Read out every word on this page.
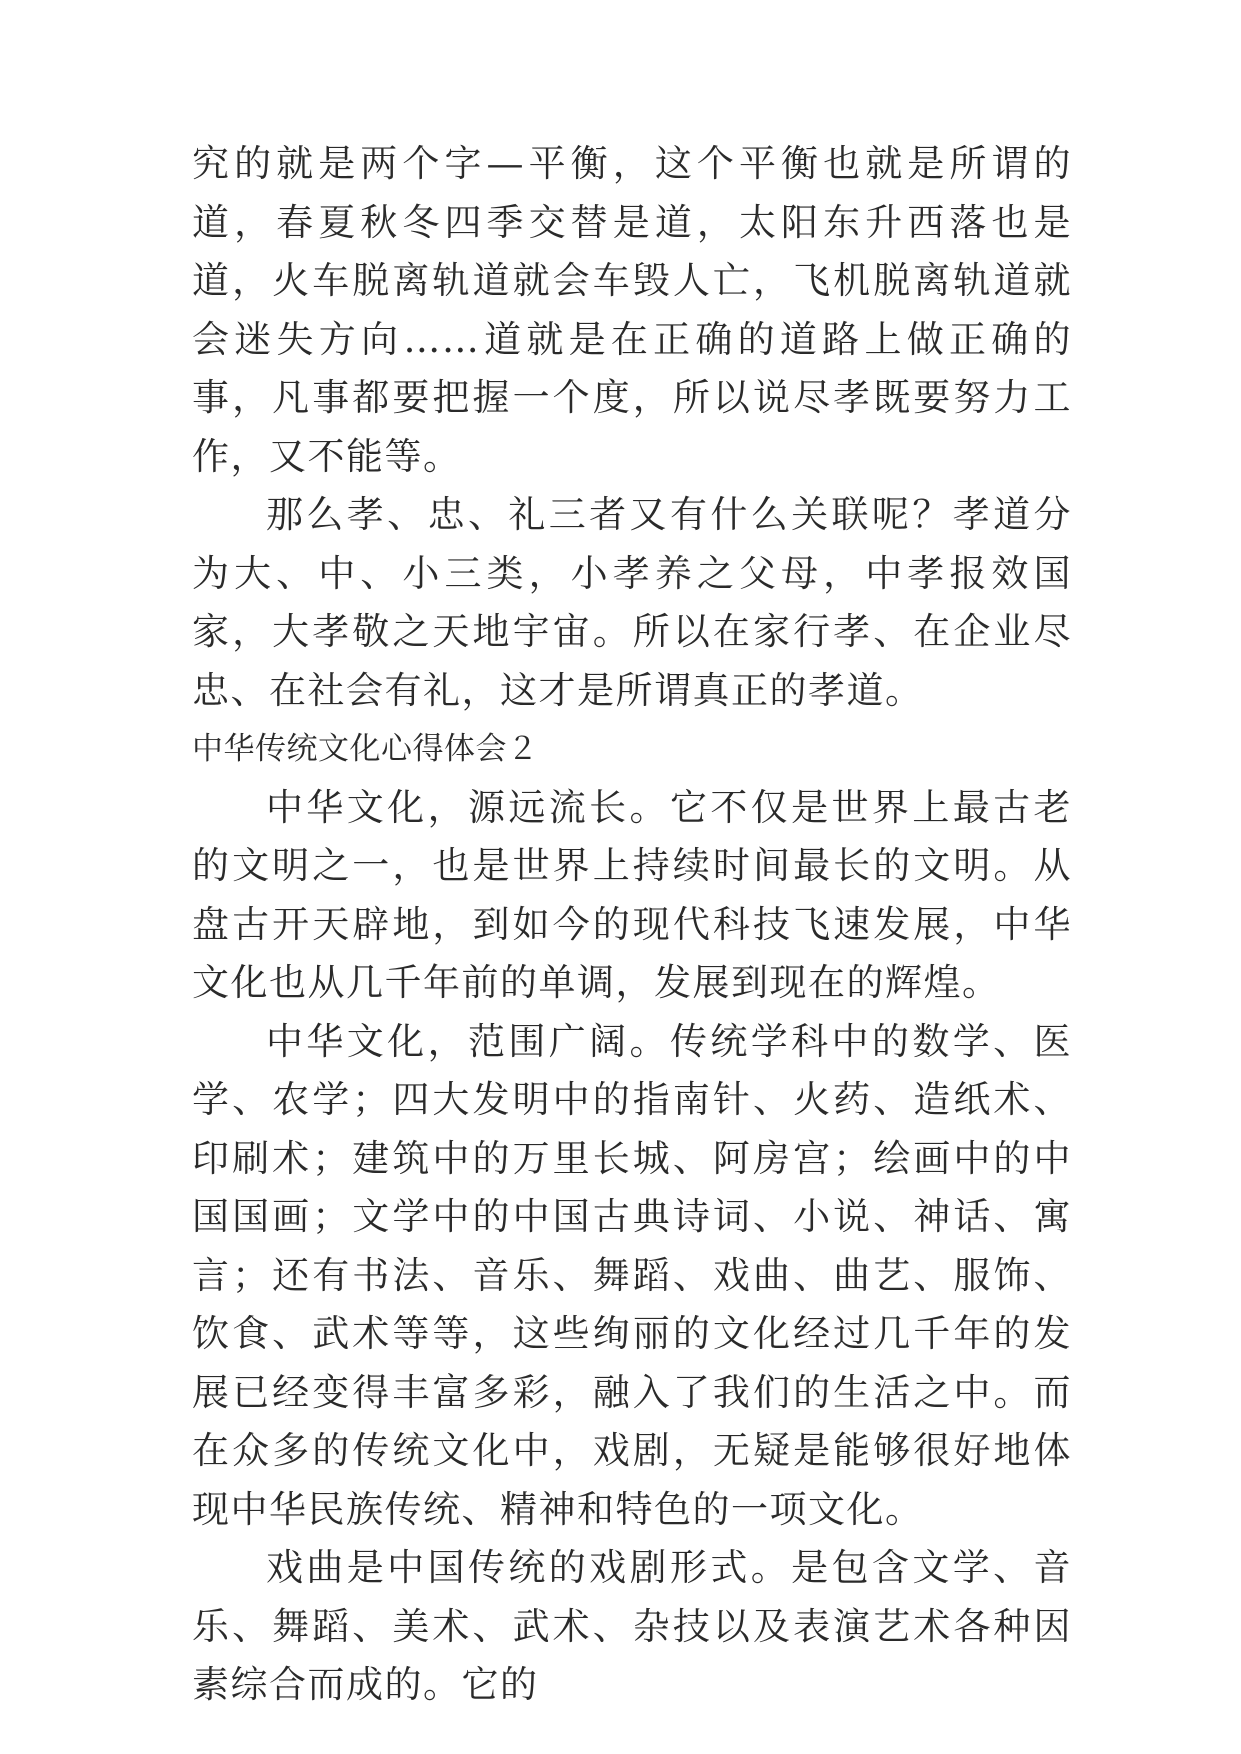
究的就是两个字—平衡，这个平衡也就是所谓的道，春夏秋冬四季交替是道，太阳东升西落也是道，火车脱离轨道就会车毁人亡，飞机脱离轨道就会迷失方向……道就是在正确的道路上做正确的事，凡事都要把握一个度，所以说尽孝既要努力工作，又不能等。

那么孝、忠、礼三者又有什么关联呢？孝道分为大、中、小三类，小孝养之父母，中孝报效国家，大孝敬之天地宇宙。所以在家行孝、在企业尽忠、在社会有礼，这才是所谓真正的孝道。

中华传统文化心得体会２

中华文化，源远流长。它不仅是世界上最古老的文明之一，也是世界上持续时间最长的文明。从盘古开天辟地，到如今的现代科技飞速发展，中华文化也从几千年前的单调，发展到现在的辉煌。

中华文化，范围广阔。传统学科中的数学、医学、农学；四大发明中的指南针、火药、造纸术、印刷术；建筑中的万里长城、阿房宫；绘画中的中国国画；文学中的中国古典诗词、小说、神话、寓言；还有书法、音乐、舞蹈、戏曲、曲艺、服饰、饮食、武术等等，这些绚丽的文化经过几千年的发展已经变得丰富多彩，融入了我们的生活之中。而在众多的传统文化中，戏剧，无疑是能够很好地体现中华民族传统、精神和特色的一项文化。

戏曲是中国传统的戏剧形式。是包含文学、音乐、舞蹈、美术、武术、杂技以及表演艺术各种因素综合而成的。它的
